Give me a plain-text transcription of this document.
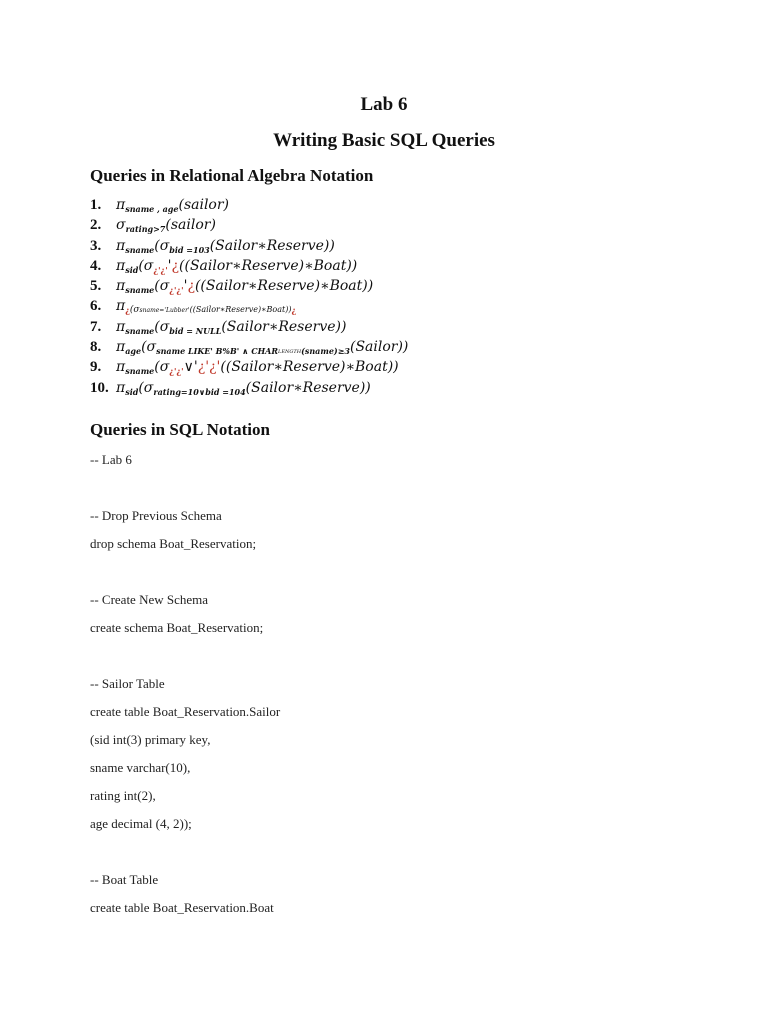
Lab 6
Writing Basic SQL Queries
Queries in Relational Algebra Notation
1.	$\pi_{sname , age}(sailor)$
2.	$\sigma_{rating>7}(sailor)$
3.	$\pi_{sname}(\sigma_{bid =103}(Sailor∗Reserve))$
4.	$\pi_{sid}(\sigma_{¿'¿'}'¿((Sailor∗Reserve)∗Boat))$
5.	$\pi_{sname}(\sigma_{¿'¿'}'¿((Sailor∗Reserve)∗Boat))$
6.	$\pi_¿(\sigma sname='Lubber'((Sailor∗Reserve)∗Boat))_¿$
7.	$\pi_{sname}(\sigma_{bid = NULL}(Sailor∗Reserve))$
8.	$\pi_{age}(\sigma_{sname LIKE' B\%B' \wedge CHAR}LENGTH_{(sname)\ge 3}(Sailor))$
9.	$\pi_{sname}(\sigma_{¿'¿'}\vee'¿'¿'((Sailor∗Reserve)∗Boat))$
10. $\pi_{sid}(\sigma_{rating=10\vee bid =104}(Sailor∗Reserve))$
Queries in SQL Notation
-- Lab 6
-- Drop Previous Schema
drop schema Boat_Reservation;
-- Create New Schema
create schema Boat_Reservation;
-- Sailor Table
create table Boat_Reservation.Sailor
(sid int(3) primary key,
sname varchar(10),
rating int(2),
age decimal (4, 2));
-- Boat Table
create table Boat_Reservation.Boat
